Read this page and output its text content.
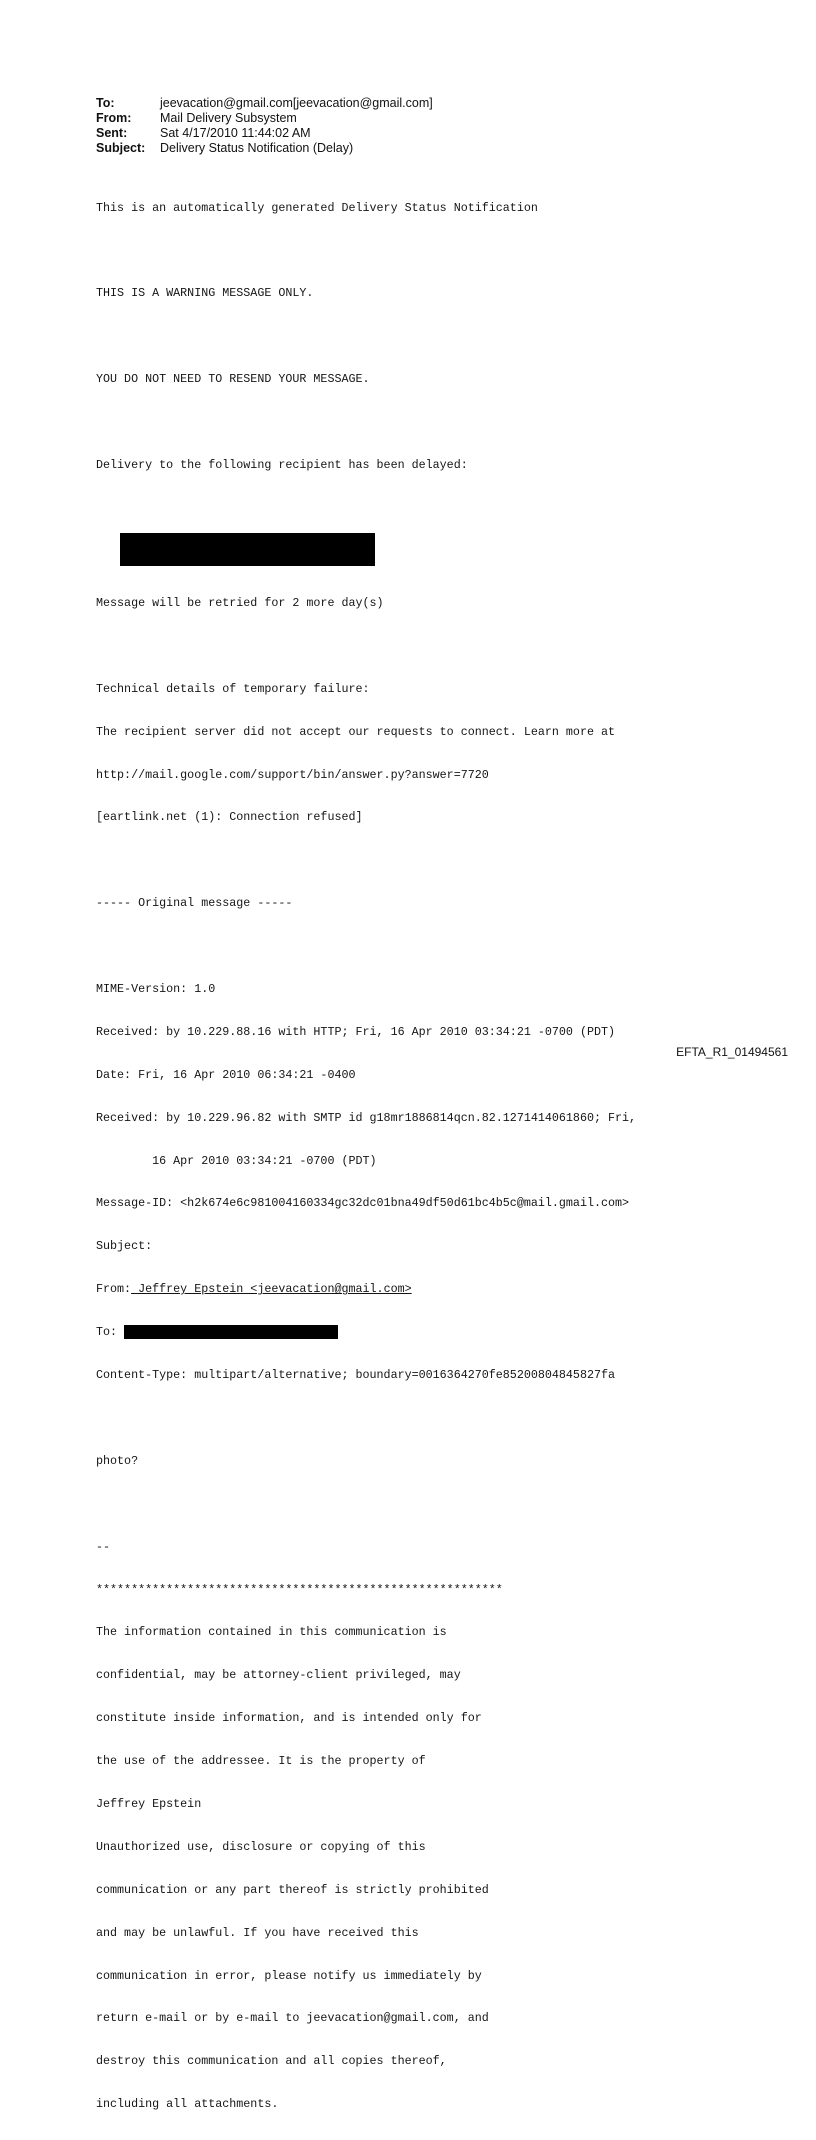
To:	jeevacation@gmail.com[jeevacation@gmail.com]
From:	Mail Delivery Subsystem
Sent:	Sat 4/17/2010 11:44:02 AM
Subject:	Delivery Status Notification (Delay)

This is an automatically generated Delivery Status Notification

THIS IS A WARNING MESSAGE ONLY.

YOU DO NOT NEED TO RESEND YOUR MESSAGE.

Delivery to the following recipient has been delayed:

Message will be retried for 2 more day(s)

Technical details of temporary failure:

The recipient server did not accept our requests to connect. Learn more at

http://mail.google.com/support/bin/answer.py?answer=7720

[eartlink.net (1): Connection refused]

----- Original message -----

MIME-Version: 1.0

Received: by 10.229.88.16 with HTTP; Fri, 16 Apr 2010 03:34:21 -0700 (PDT)

Date: Fri, 16 Apr 2010 06:34:21 -0400

Received: by 10.229.96.82 with SMTP id g18mr1886814qcn.82.1271414061860; Fri,

16 Apr 2010 03:34:21 -0700 (PDT)

Message-ID: <h2k674e6c981004160334gc32dc01bna49df50d61bc4b5c@mail.gmail.com>

Subject:

From: Jeffrey Epstein <jeevacation@gmail.com>

To:

Content-Type: multipart/alternative; boundary=0016364270fe85200804845827fa

photo?

--

**********************************************************

The information contained in this communication is

confidential, may be attorney-client privileged, may

constitute inside information, and is intended only for

the use of the addressee. It is the property of

Jeffrey Epstein

Unauthorized use, disclosure or copying of this

communication or any part thereof is strictly prohibited

and may be unlawful. If you have received this

communication in error, please notify us immediately by

return e-mail or by e-mail to jeevacation@gmail.com, and

destroy this communication and all copies thereof,

including all attachments.

EFTA_R1_01494561
